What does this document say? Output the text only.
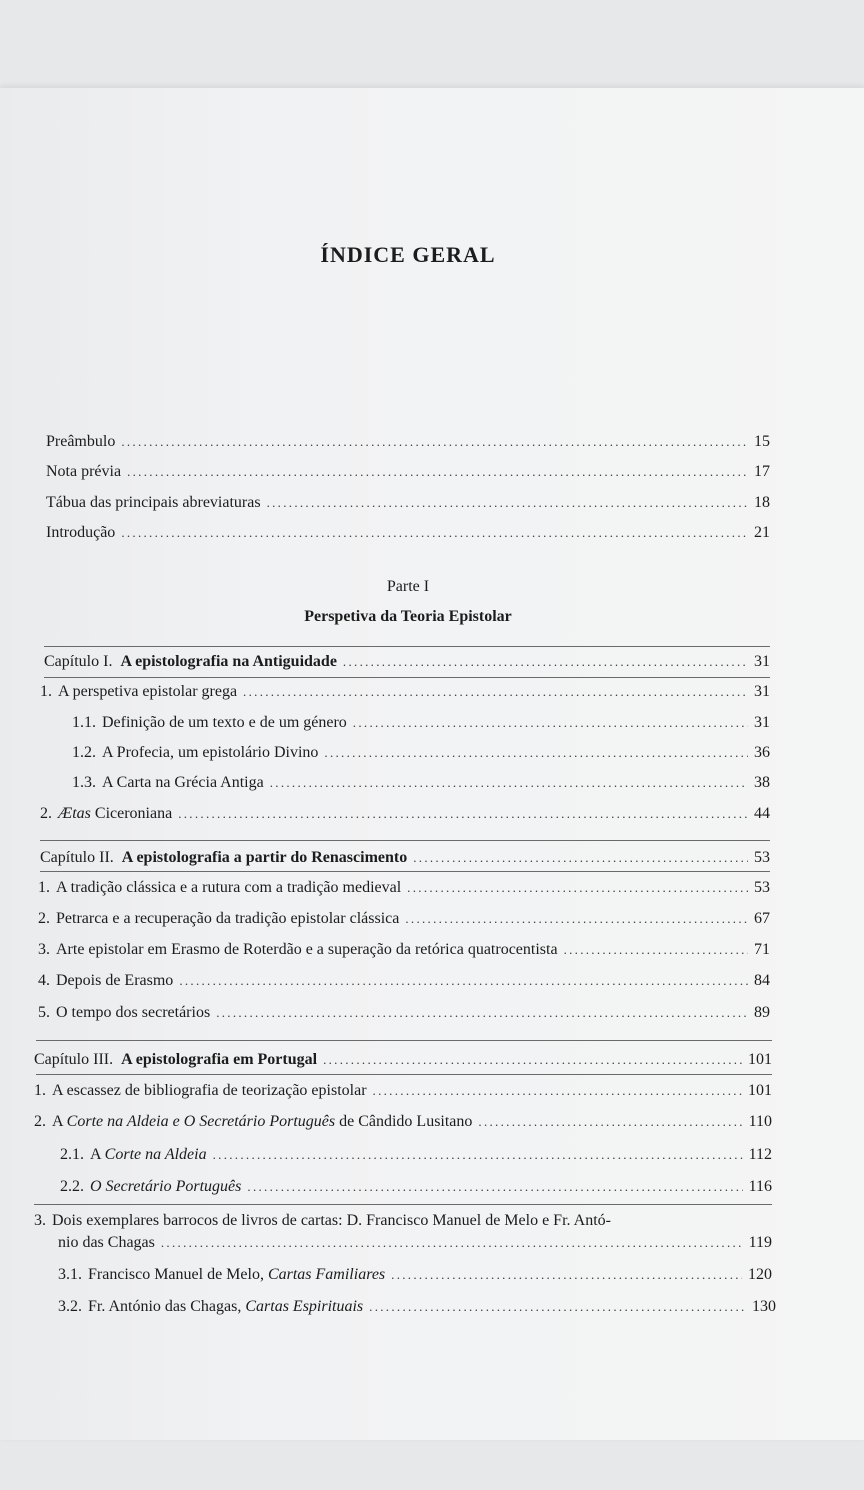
ÍNDICE GERAL
Preâmbulo .....	15
Nota prévia .....	17
Tábua das principais abreviaturas .....	18
Introdução .....	21
Parte I
Perspetiva da Teoria Epistolar
Capítulo I. A epistolografia na Antiguidade .....	31
1. A perspetiva epistolar grega .....	31
1.1. Definição de um texto e de um género .....	31
1.2. A Profecia, um epistolário Divino .....	36
1.3. A Carta na Grécia Antiga .....	38
2. Ætas Ciceroniana .....	44
Capítulo II. A epistolografia a partir do Renascimento .....	53
1. A tradição clássica e a rutura com a tradição medieval .....	53
2. Petrarca e a recuperação da tradição epistolar clássica .....	67
3. Arte epistolar em Erasmo de Roterdão e a superação da retórica quatrocentista .....	71
4. Depois de Erasmo .....	84
5. O tempo dos secretários .....	89
Capítulo III. A epistolografia em Portugal .....	101
1. A escassez de bibliografia de teorização epistolar .....	101
2. A Corte na Aldeia e O Secretário Português de Cândido Lusitano .....	110
2.1. A Corte na Aldeia .....	112
2.2. O Secretário Português .....	116
3. Dois exemplares barrocos de livros de cartas: D. Francisco Manuel de Melo e Fr. Antó-
nio das Chagas .....	119
3.1. Francisco Manuel de Melo, Cartas Familiares .....	120
3.2. Fr. António das Chagas, Cartas Espirituais .....	130
